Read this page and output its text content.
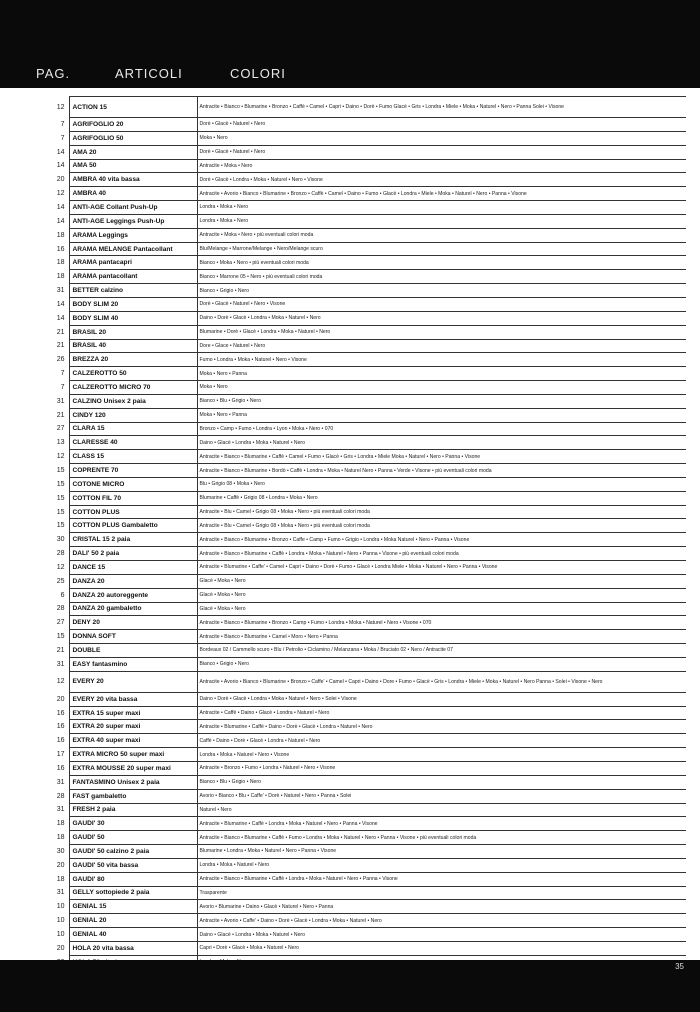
PAG.	ARTICOLI	COLORI
12	ACTION 15	Antracite • Bianco • Blumarine • Bronzo • Caffè • Camel • Capri • Daino • Dorè • Fumo Glacè • Gris • Londra • Miele • Moka • Naturel • Nero • Panna Solei • Visone
7	AGRIFOGLIO 20	Dorè • Glacè • Naturel • Nero
7	AGRIFOGLIO 50	Moka • Nero
14	AMA 20	Dorè • Glacè • Naturel • Nero
14	AMA 50	Antracite • Moka • Nero
20	AMBRA 40 vita bassa	Dorè • Glacè • Londra • Moka • Naturel • Nero • Visone
12	AMBRA 40	Antracite • Avorio • Bianco • Blumarine • Bronzo • Caffè • Camel • Daino • Fumo • Glacè • Londra • Miele • Moka • Naturel • Nero • Panna • Visone
14	ANTI-AGE Collant Push-Up	Londra • Moka • Nero
14	ANTI-AGE Leggings Push-Up	Londra • Moka • Nero
18	ARAMA Leggings	Antracite • Moka • Nero • più eventuali colori moda
16	ARAMA MELANGE Pantacollant	Blu/Melange • Marrone/Melange • Nero/Melange scuro
18	ARAMA pantacapri	Bianco • Moka • Nero • più eventuali colori moda
18	ARAMA pantacollant	Bianco • Marrone 05 • Nero • più eventuali colori moda
31	BETTER calzino	Bianco • Grigio • Nero
14	BODY SLIM 20	Dorè • Glacè • Naturel • Nero • Visone
14	BODY SLIM 40	Daino • Dorè • Glacè • Londra • Moka • Naturel • Nero
21	BRASIL 20	Blumarine • Dorè • Glacè • Londra • Moka • Naturel • Nero
21	BRASIL 40	Dore • Glace • Naturel • Nero
26	BREZZA 20	Fumo • Londra • Moka • Naturel • Nero • Visone
7	CALZEROTTO 50	Moka • Nero • Panna
7	CALZEROTTO MICRO 70	Moka • Nero
31	CALZINO Unisex 2 paia	Bianco • Blu • Grigio • Nero
21	CINDY 120	Moka • Nero • Panna
27	CLARA 15	Bronzo • Camp • Fumo • Londra • Lyon • Moka • Nero • 070
13	CLARESSE 40	Daino • Glacè • Londra • Moka • Naturel • Nero
12	CLASS 15	Antracite • Bianco • Blumarine • Caffè • Camel • Fumo • Glacè • Gris • Londra • Miele Moka • Naturel • Nero • Panna • Visone
15	COPRENTE 70	Antracite • Bianco • Blumarine • Bordò • Caffè • Londra • Moka • Naturel Nero • Panna • Verde • Visone • più eventuali colori moda
15	COTONE MICRO	Blu • Grigio 08 • Moka • Nero
15	COTTON FIL 70	Blumarine • Caffè • Grigio 08 • Londra • Moka • Nero
15	COTTON PLUS	Antracite • Blu • Camel • Grigio 08 • Moka • Nero • più eventuali colori moda
15	COTTON PLUS Gambaletto	Antracite • Blu • Camel • Grigio 08 • Moka • Nero • più eventuali colori moda
30	CRISTAL 15 2 paia	Antracite • Bianco • Blumarine • Bronzo • Caffe • Camp • Fumo • Grigio • Londra • Moka Naturel • Nero • Panna • Visone
28	DALI' 50 2 paia	Antracite • Bianco • Blumarine • Caffè • Londra • Moka • Naturel • Nero • Panna • Visone • più eventuali colori moda
12	DANCE 15	Antracite • Blumarine • Caffe' • Camel • Capri • Daino • Dorè • Fumo • Glacè • Londra Miele • Moka • Naturel • Nero • Panna • Visone
25	DANZA 20	Glacè • Moka • Nero
6	DANZA 20 autoreggente	Glacè • Moka • Nero
28	DANZA 20 gambaletto	Glacè • Moka • Nero
27	DENY 20	Antracite • Bianco • Blumarine • Bronzo • Camp • Fumo • Londra • Moka • Naturel • Nero • Visone • 070
15	DONNA SOFT	Antracite • Bianco • Blumarine • Camel • Moro • Nero • Panna
21	DOUBLE	Bordeaux 02 / Cammello scuro • Blu / Petrolio • Ciclamino / Melanzana • Moka / Bruciato 02 • Nero / Antracite 07
31	EASY fantasmino	Bianco • Grigio • Nero
12	EVERY 20	Antracite • Avorio • Bianco • Blumarine • Bronzo • Caffe' • Camel • Capri • Daino • Dore • Fumo • Glacè • Gris • Londra • Miele • Moka • Naturel • Nero Panna • Solei • Visone • Nero
20	EVERY 20 vita bassa	Daino • Dorè • Glacè • Londra • Moka • Naturel • Nero • Solei • Visone
16	EXTRA 15 super maxi	Antracite • Caffè • Daino • Glacè • Londra • Naturel • Nero
16	EXTRA 20 super maxi	Antracite • Blumarine • Caffè • Daino • Dorè • Glacè • Londra • Naturel • Nero
16	EXTRA 40 super maxi	Caffè • Daino • Dorè • Glacè • Londra • Naturel • Nero
17	EXTRA MICRO 50 super maxi	Londra • Moka • Naturel • Nero • Visone
16	EXTRA MOUSSE 20 super maxi	Antracite • Bronzo • Fumo • Londra • Naturel • Nero • Visone
31	FANTASMINO Unisex 2 paia	Bianco • Blu • Grigio • Nero
28	FAST gambaletto	Avorio • Bianco • Blu • Caffe' • Dorè • Naturel • Nero • Panna • Solei
31	FRESH 2 paia	Naturel • Nero
18	GAUDI' 30	Antracite • Blumarine • Caffè • Londra • Moka • Naturel • Nero • Panna • Visone
18	GAUDI' 50	Antracite • Bianco • Blumarine • Caffè • Fumo • Londra • Moka • Naturel • Nero • Panna • Visone • più eventuali colori moda
30	GAUDI' 50 calzino 2 paia	Blumarine • Londra • Moka • Naturel • Nero • Panna • Visone
20	GAUDI' 50 vita bassa	Londra • Moka • Naturel • Nero
18	GAUDI' 80	Antracite • Bianco • Blumarine • Caffè • Londra • Moka • Naturel • Nero • Panna • Visone
31	GELLY sottopiede 2 paia	Trasparente
10	GENIAL 15	Avorio • Blumarine • Daino • Glacè • Naturel • Nero • Panna
10	GENIAL 20	Antracite • Avorio • Caffe' • Daino • Dorè • Glacè • Londra • Moka • Naturel • Nero
10	GENIAL 40	Daino • Glacè • Londra • Moka • Naturel • Nero
20	HOLA 20 vita bassa	Capri • Dorè • Glacè • Moka • Naturel • Nero

35
